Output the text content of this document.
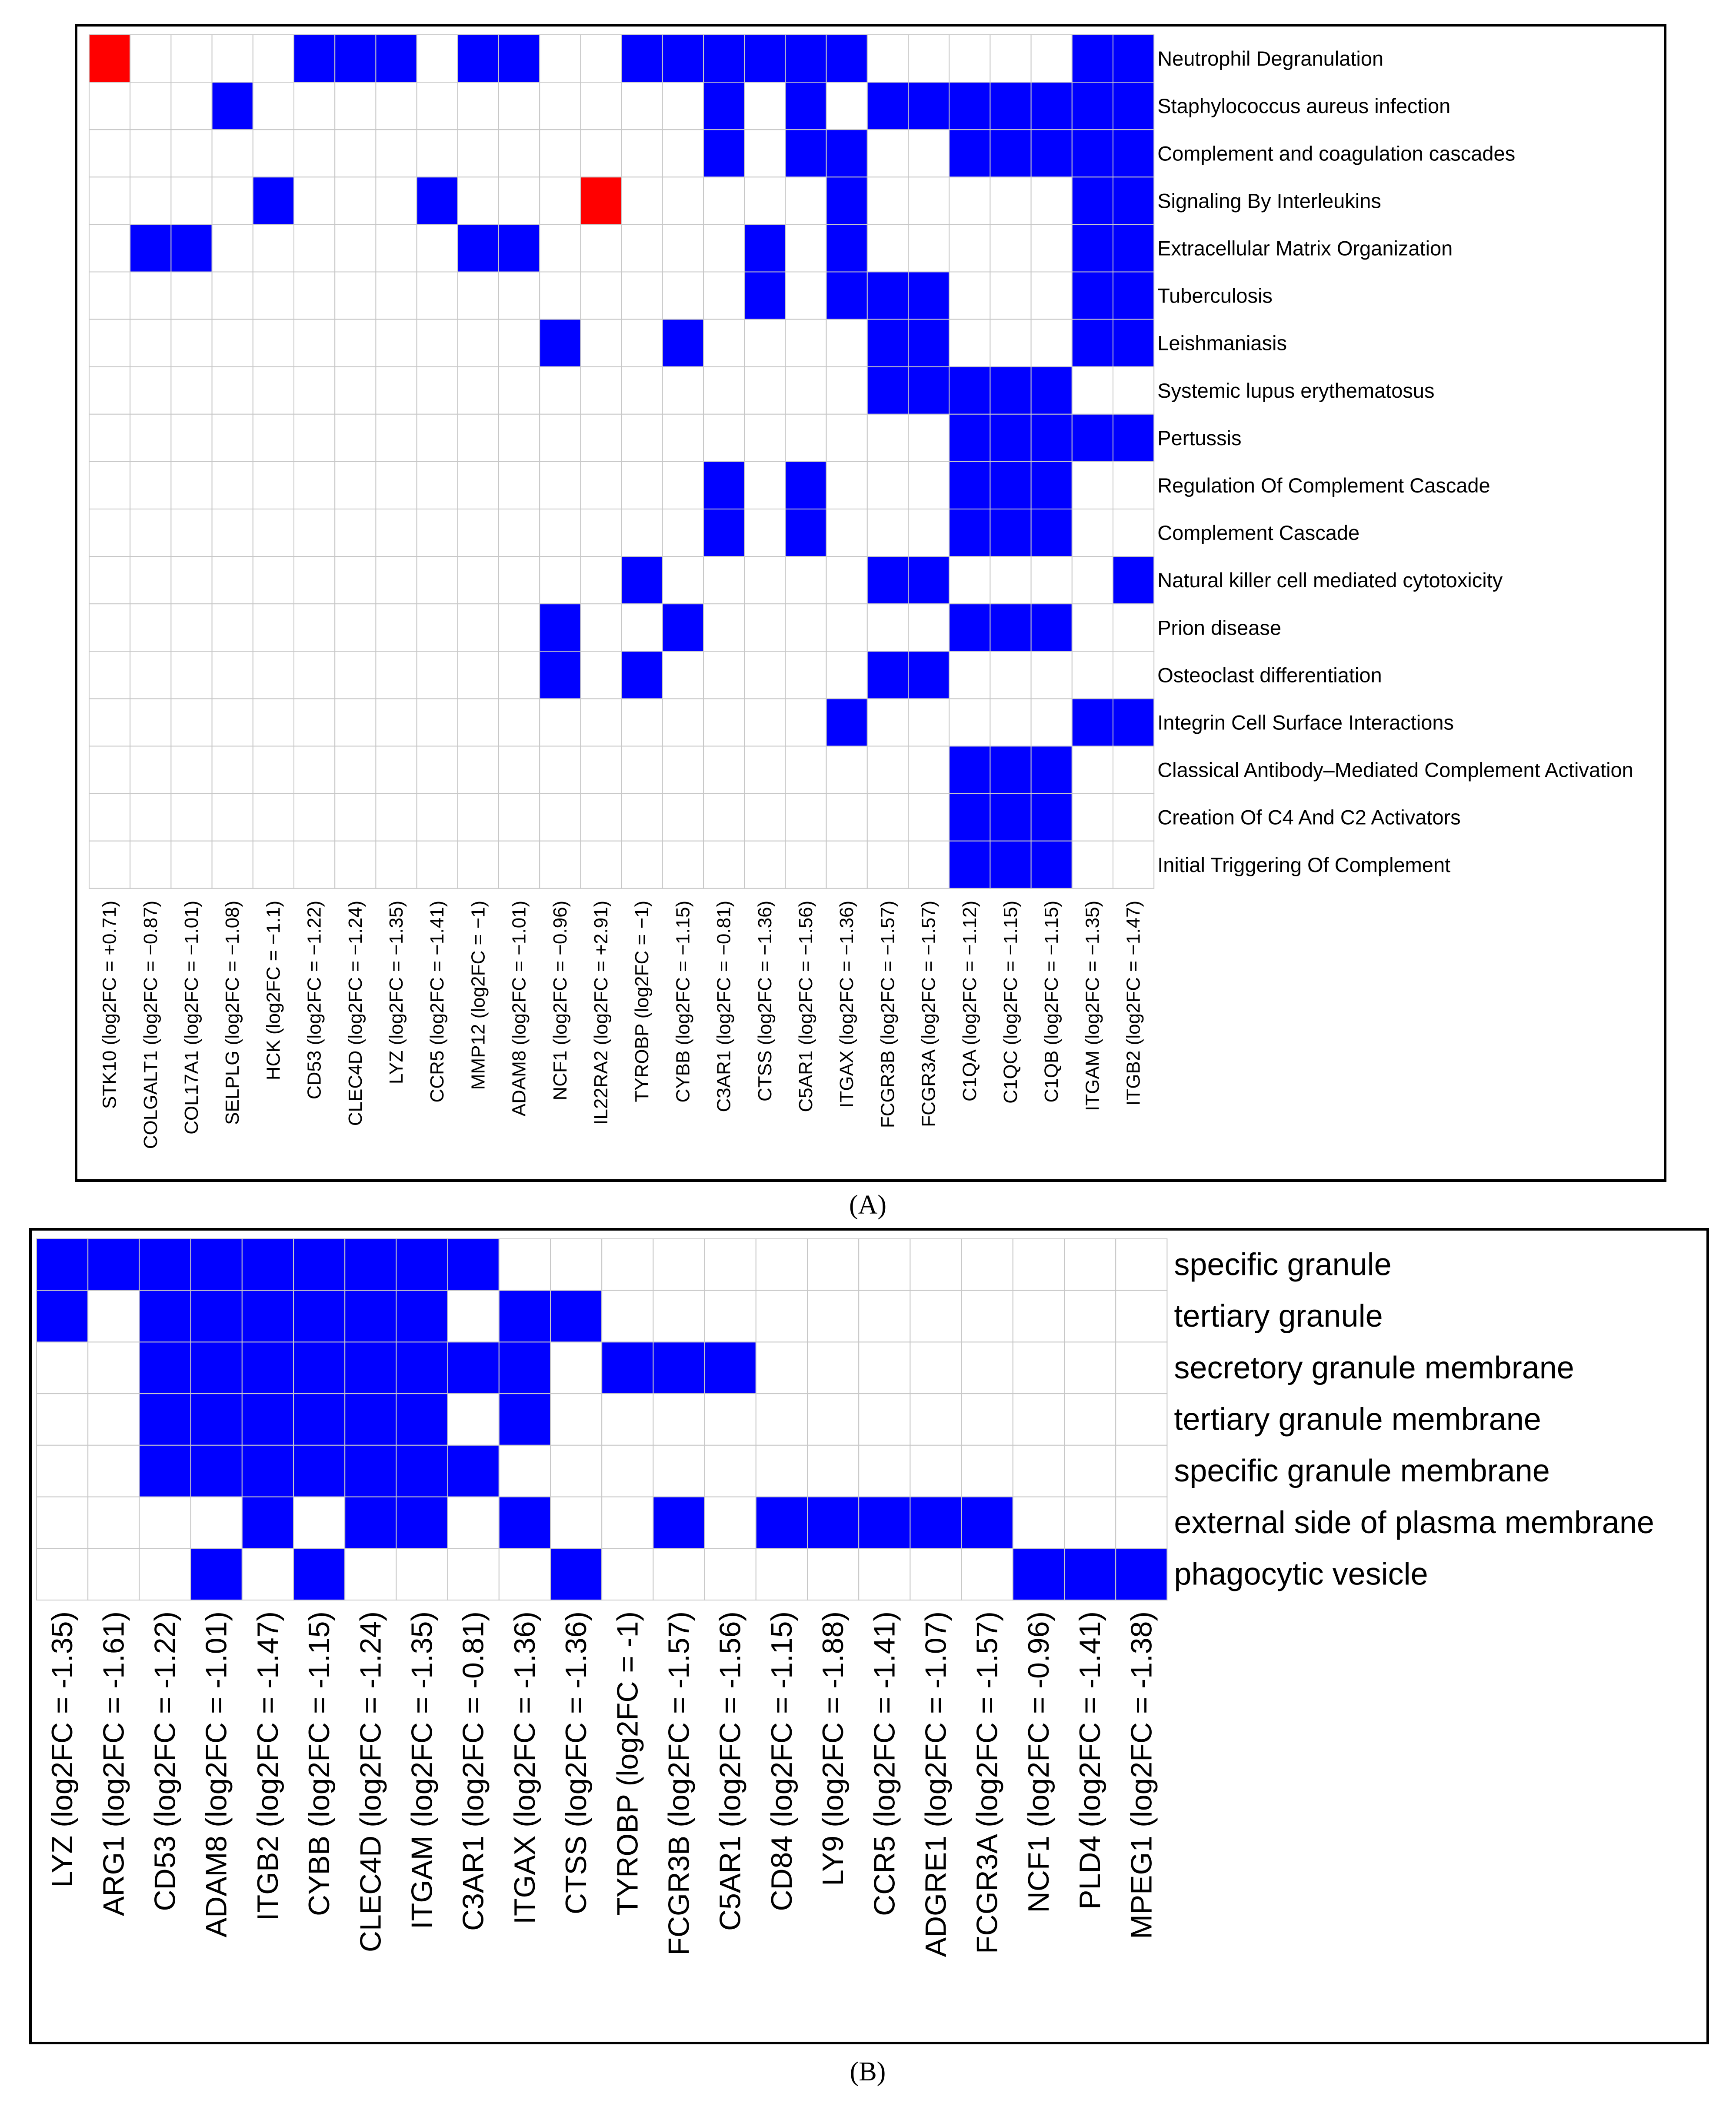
Neutrophil Degranulation
Staphylococcus aureus infection
Complement and coagulation cascades
Signaling By Interleukins
Extracellular Matrix Organization
Tuberculosis
Leishmaniasis
Systemic lupus erythematosus
Pertussis
Regulation Of Complement Cascade
Complement Cascade
Natural killer cell mediated cytotoxicity
Prion disease
Osteoclast differentiation
Integrin Cell Surface Interactions
Classical Antibody–Mediated Complement Activation
Creation Of C4 And C2 Activators
Initial Triggering Of Complement
STK10 (log2FC = +0.71) COLGALT1 (log2FC = −0.87) COL17A1 (log2FC = −1.01) SELPLG (log2FC = −1.08) HCK (log2FC = −1.1) CD53 (log2FC = −1.22) CLEC4D (log2FC = −1.24) LYZ (log2FC = −1.35) CCR5 (log2FC = −1.41) MMP12 (log2FC = −1) ADAM8 (log2FC = −1.01) NCF1 (log2FC = −0.96) IL22RA2 (log2FC = +2.91) TYROBP (log2FC = −1) CYBB (log2FC = −1.15) C3AR1 (log2FC = −0.81) CTSS (log2FC = −1.36) C5AR1 (log2FC = −1.56) ITGAX (log2FC = −1.36) FCGR3B (log2FC = −1.57) FCGR3A (log2FC = −1.57) C1QA (log2FC = −1.12) C1QC (log2FC = −1.15) C1QB (log2FC = −1.15) ITGAM (log2FC = −1.35) ITGB2 (log2FC = −1.47)
(A)
specific granule
tertiary granule
secretory granule membrane
tertiary granule membrane
specific granule membrane
external side of plasma membrane
phagocytic vesicle
LYZ (log2FC = -1.35) ARG1 (log2FC = -1.61) CD53 (log2FC = -1.22) ADAM8 (log2FC = -1.01) ITGB2 (log2FC = -1.47) CYBB (log2FC = -1.15) CLEC4D (log2FC = -1.24) ITGAM (log2FC = -1.35) C3AR1 (log2FC = -0.81) ITGAX (log2FC = -1.36) CTSS (log2FC = -1.36) TYROBP (log2FC = -1) FCGR3B (log2FC = -1.57) C5AR1 (log2FC = -1.56) CD84 (log2FC = -1.15) LY9 (log2FC = -1.88) CCR5 (log2FC = -1.41) ADGRE1 (log2FC = -1.07) FCGR3A (log2FC = -1.57) NCF1 (log2FC = -0.96) PLD4 (log2FC = -1.41) MPEG1 (log2FC = -1.38)
(B)
